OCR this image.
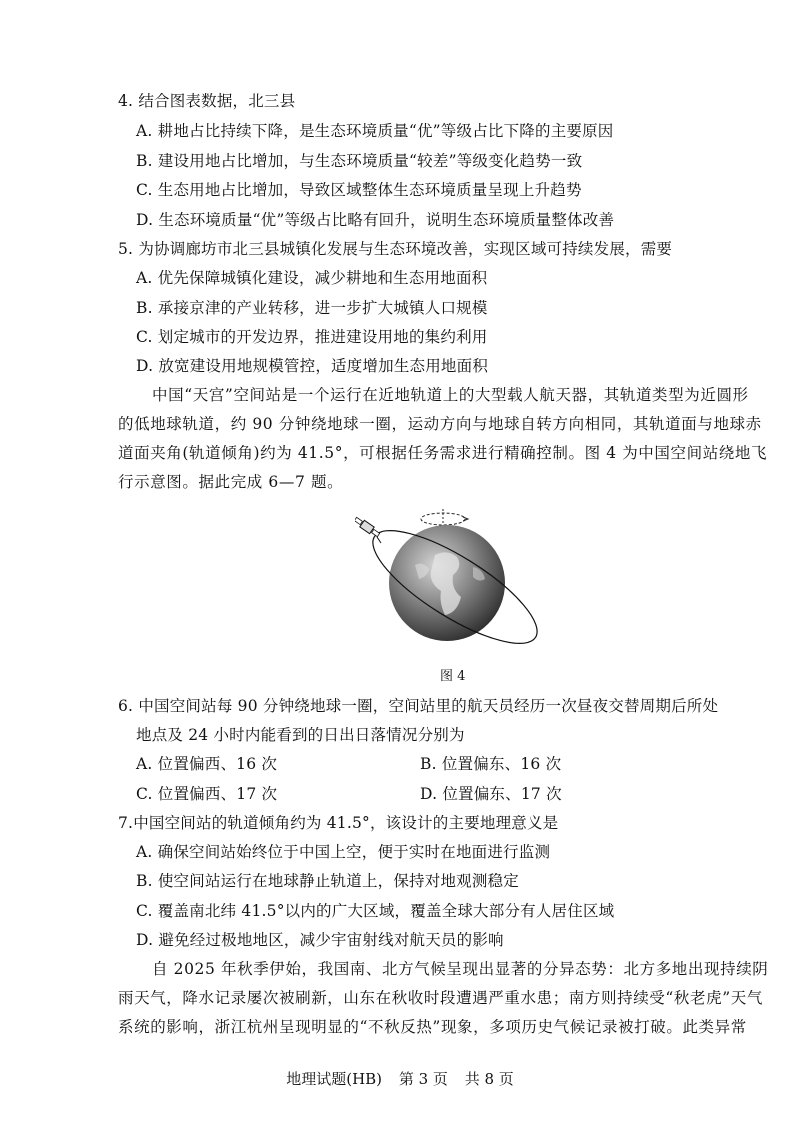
4. 结合图表数据，北三县
A. 耕地占比持续下降，是生态环境质量“优”等级占比下降的主要原因
B. 建设用地占比增加，与生态环境质量“较差”等级变化趋势一致
C. 生态用地占比增加，导致区域整体生态环境质量呈现上升趋势
D. 生态环境质量“优”等级占比略有回升，说明生态环境质量整体改善
5. 为协调廊坊市北三县城镇化发展与生态环境改善，实现区域可持续发展，需要
A. 优先保障城镇化建设，减少耕地和生态用地面积
B. 承接京津的产业转移，进一步扩大城镇人口规模
C. 划定城市的开发边界，推进建设用地的集约利用
D. 放宽建设用地规模管控，适度增加生态用地面积
中国“天宫”空间站是一个运行在近地轨道上的大型载人航天器，其轨道类型为近圆形
的低地球轨道，约 90 分钟绕地球一圈，运动方向与地球自转方向相同，其轨道面与地球赤
道面夹角(轨道倾角)约为 41.5°，可根据任务需求进行精确控制。图 4 为中国空间站绕地飞
行示意图。据此完成 6—7 题。
图 4
6. 中国空间站每 90 分钟绕地球一圈，空间站里的航天员经历一次昼夜交替周期后所处
地点及 24 小时内能看到的日出日落情况分别为
A. 位置偏西、16 次	B. 位置偏东、16 次
C. 位置偏西、17 次	D. 位置偏东、17 次
7.中国空间站的轨道倾角约为 41.5°，该设计的主要地理意义是
A. 确保空间站始终位于中国上空，便于实时在地面进行监测
B. 使空间站运行在地球静止轨道上，保持对地观测稳定
C. 覆盖南北纬 41.5°以内的广大区域，覆盖全球大部分有人居住区域
D. 避免经过极地地区，减少宇宙射线对航天员的影响
自 2025 年秋季伊始，我国南、北方气候呈现出显著的分异态势：北方多地出现持续阴
雨天气，降水记录屡次被刷新，山东在秋收时段遭遇严重水患；南方则持续受“秋老虎”天气
系统的影响，浙江杭州呈现明显的“不秋反热”现象，多项历史气候记录被打破。此类异常
地理试题(HB) 第 3 页 共 8 页
